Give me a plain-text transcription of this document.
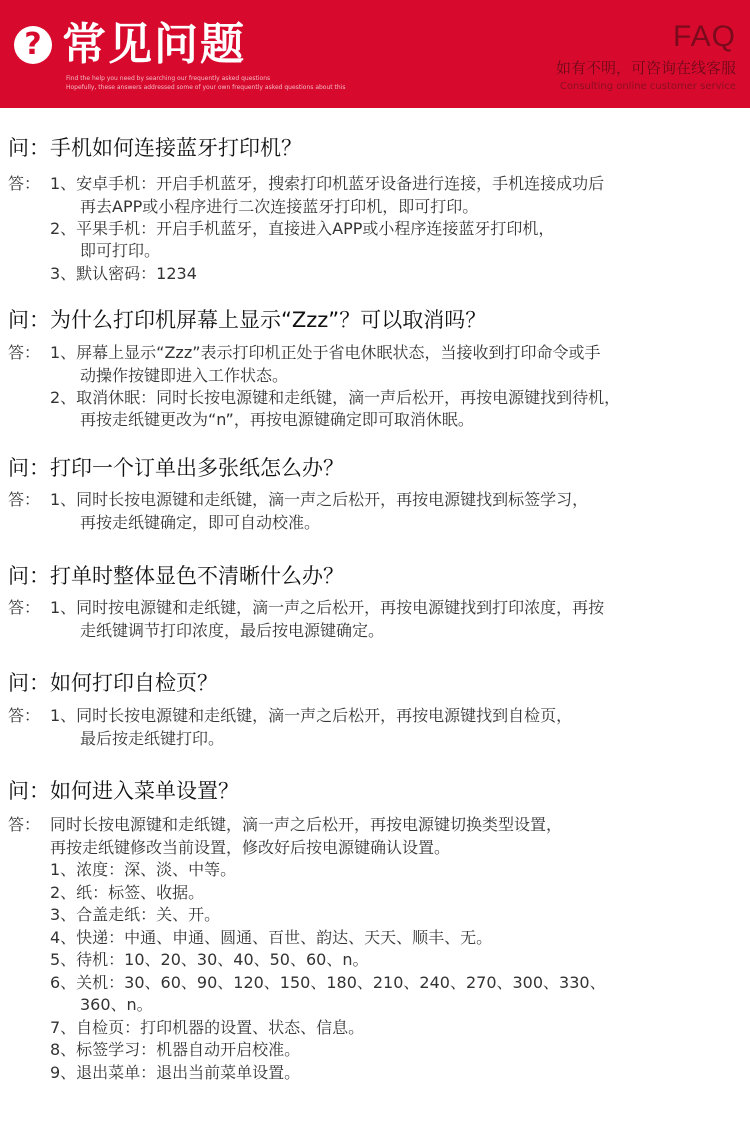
? 常见问题
Find the help you need by searching our frequently asked questions
Hopefully, these answers addressed some of your own frequently asked questions about this
FAQ
如有不明，可咨询在线客服
Consulting online customer service
问：手机如何连接蓝牙打印机？
答： 1、安卓手机：开启手机蓝牙，搜索打印机蓝牙设备进行连接，手机连接成功后
再去APP或小程序进行二次连接蓝牙打印机，即可打印。
2、平果手机：开启手机蓝牙，直接进入APP或小程序连接蓝牙打印机，
即可打印。
3、默认密码：1234
问：为什么打印机屏幕上显示“Zzz”？可以取消吗？
答： 1、屏幕上显示“Zzz”表示打印机正处于省电休眠状态，当接收到打印命令或手
动操作按键即进入工作状态。
2、取消休眠：同时长按电源键和走纸键，滴一声后松开，再按电源键找到待机，
再按走纸键更改为“n”，再按电源键确定即可取消休眠。
问：打印一个订单出多张纸怎么办？
答： 1、同时长按电源键和走纸键，滴一声之后松开，再按电源键找到标签学习，
再按走纸键确定，即可自动校准。
问：打单时整体显色不清晰什么办？
答： 1、同时按电源键和走纸键，滴一声之后松开，再按电源键找到打印浓度，再按
走纸键调节打印浓度，最后按电源键确定。
问：如何打印自检页？
答： 1、同时长按电源键和走纸键，滴一声之后松开，再按电源键找到自检页，
最后按走纸键打印。
问：如何进入菜单设置？
答： 同时长按电源键和走纸键，滴一声之后松开，再按电源键切换类型设置，
再按走纸键修改当前设置，修改好后按电源键确认设置。
1、浓度：深、淡、中等。
2、纸：标签、收据。
3、合盖走纸：关、开。
4、快递：中通、申通、圆通、百世、韵达、天天、顺丰、无。
5、待机：10、20、30、40、50、60、n。
6、关机：30、60、90、120、150、180、210、240、270、300、330、
360、n。
7、自检页：打印机器的设置、状态、信息。
8、标签学习：机器自动开启校准。
9、退出菜单：退出当前菜单设置。
